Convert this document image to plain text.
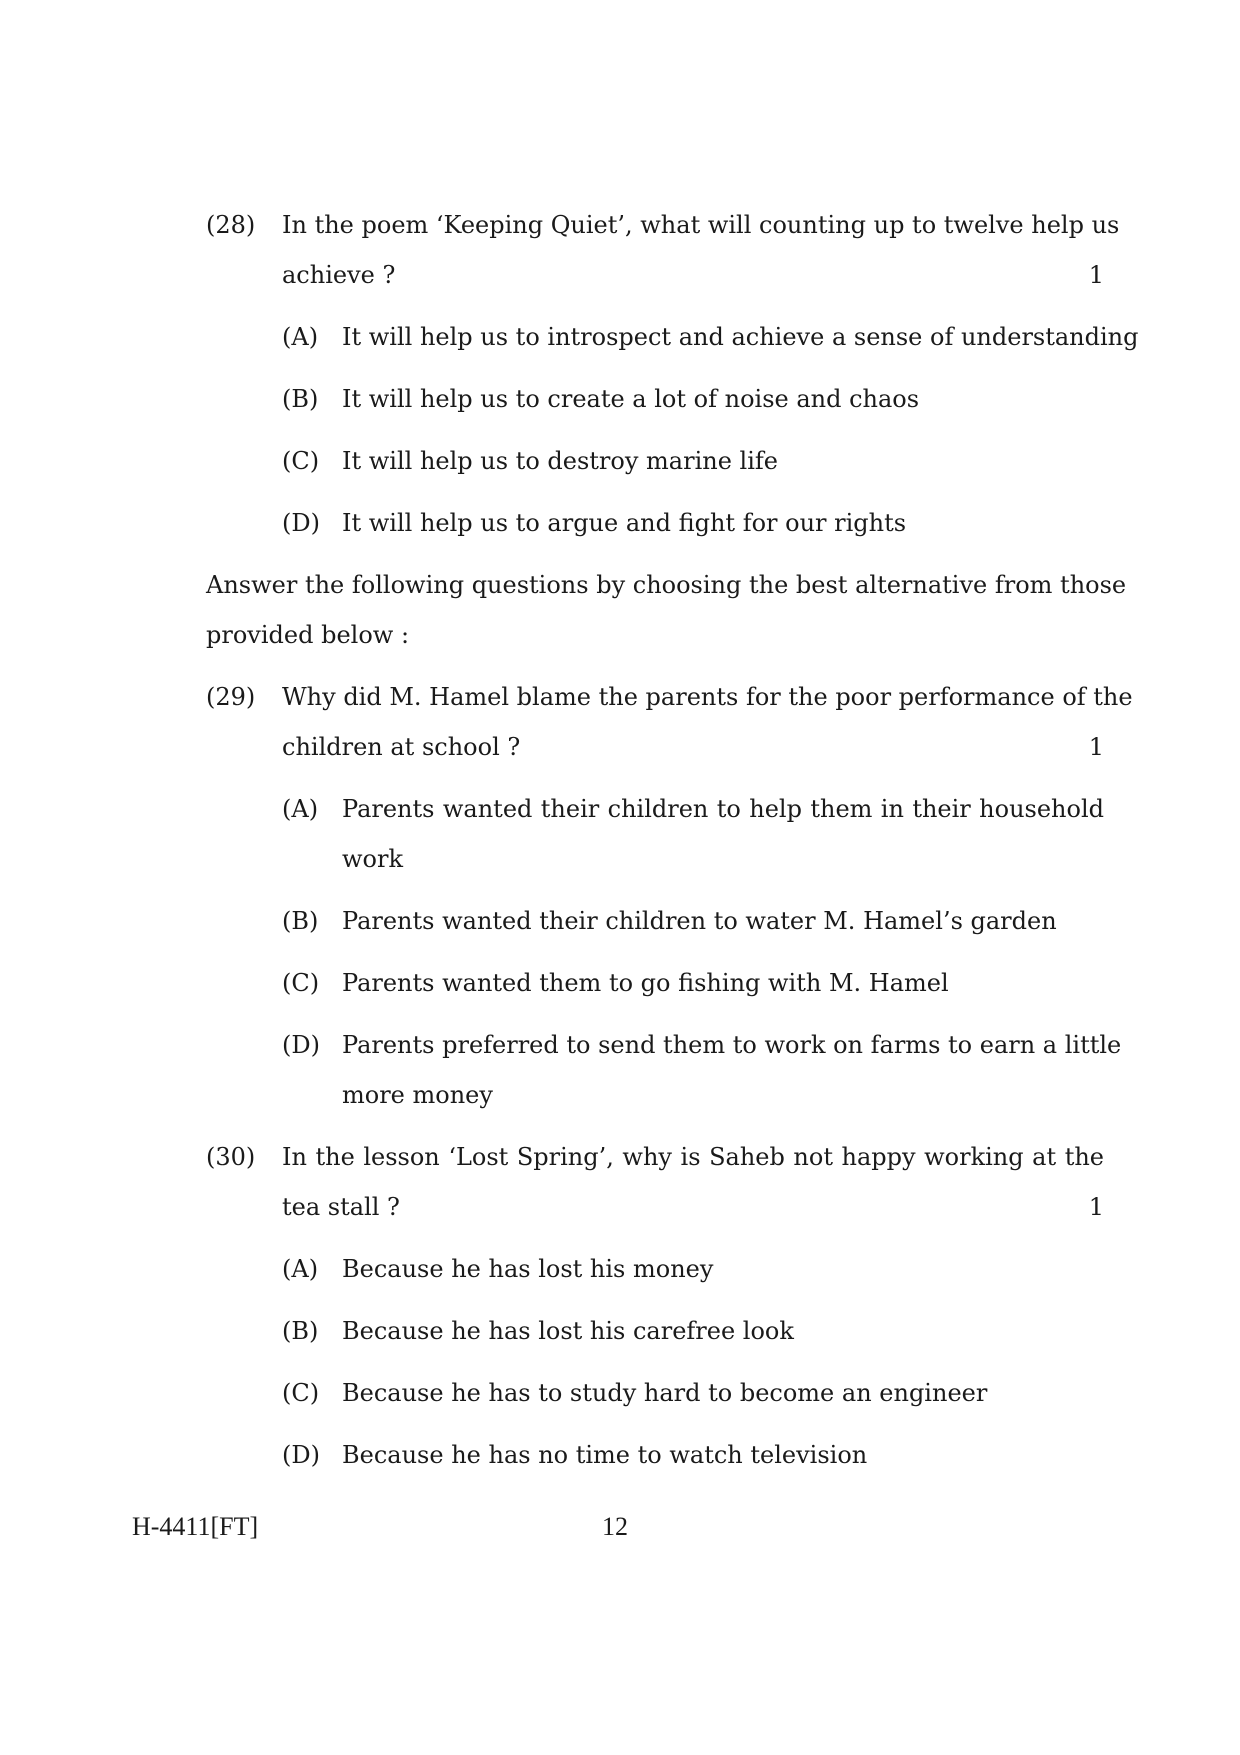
(28) In the poem ‘Keeping Quiet’, what will counting up to twelve help us
achieve ?	1
(A) It will help us to introspect and achieve a sense of understanding
(B) It will help us to create a lot of noise and chaos
(C) It will help us to destroy marine life
(D) It will help us to argue and fight for our rights
Answer the following questions by choosing the best alternative from those
provided below :
(29) Why did M. Hamel blame the parents for the poor performance of the
children at school ?	1
(A) Parents wanted their children to help them in their household
work
(B) Parents wanted their children to water M. Hamel’s garden
(C) Parents wanted them to go fishing with M. Hamel
(D) Parents preferred to send them to work on farms to earn a little
more money
(30) In the lesson ‘Lost Spring’, why is Saheb not happy working at the
tea stall ?	1
(A) Because he has lost his money
(B) Because he has lost his carefree look
(C) Because he has to study hard to become an engineer
(D) Because he has no time to watch television
H-4411[FT]	12
